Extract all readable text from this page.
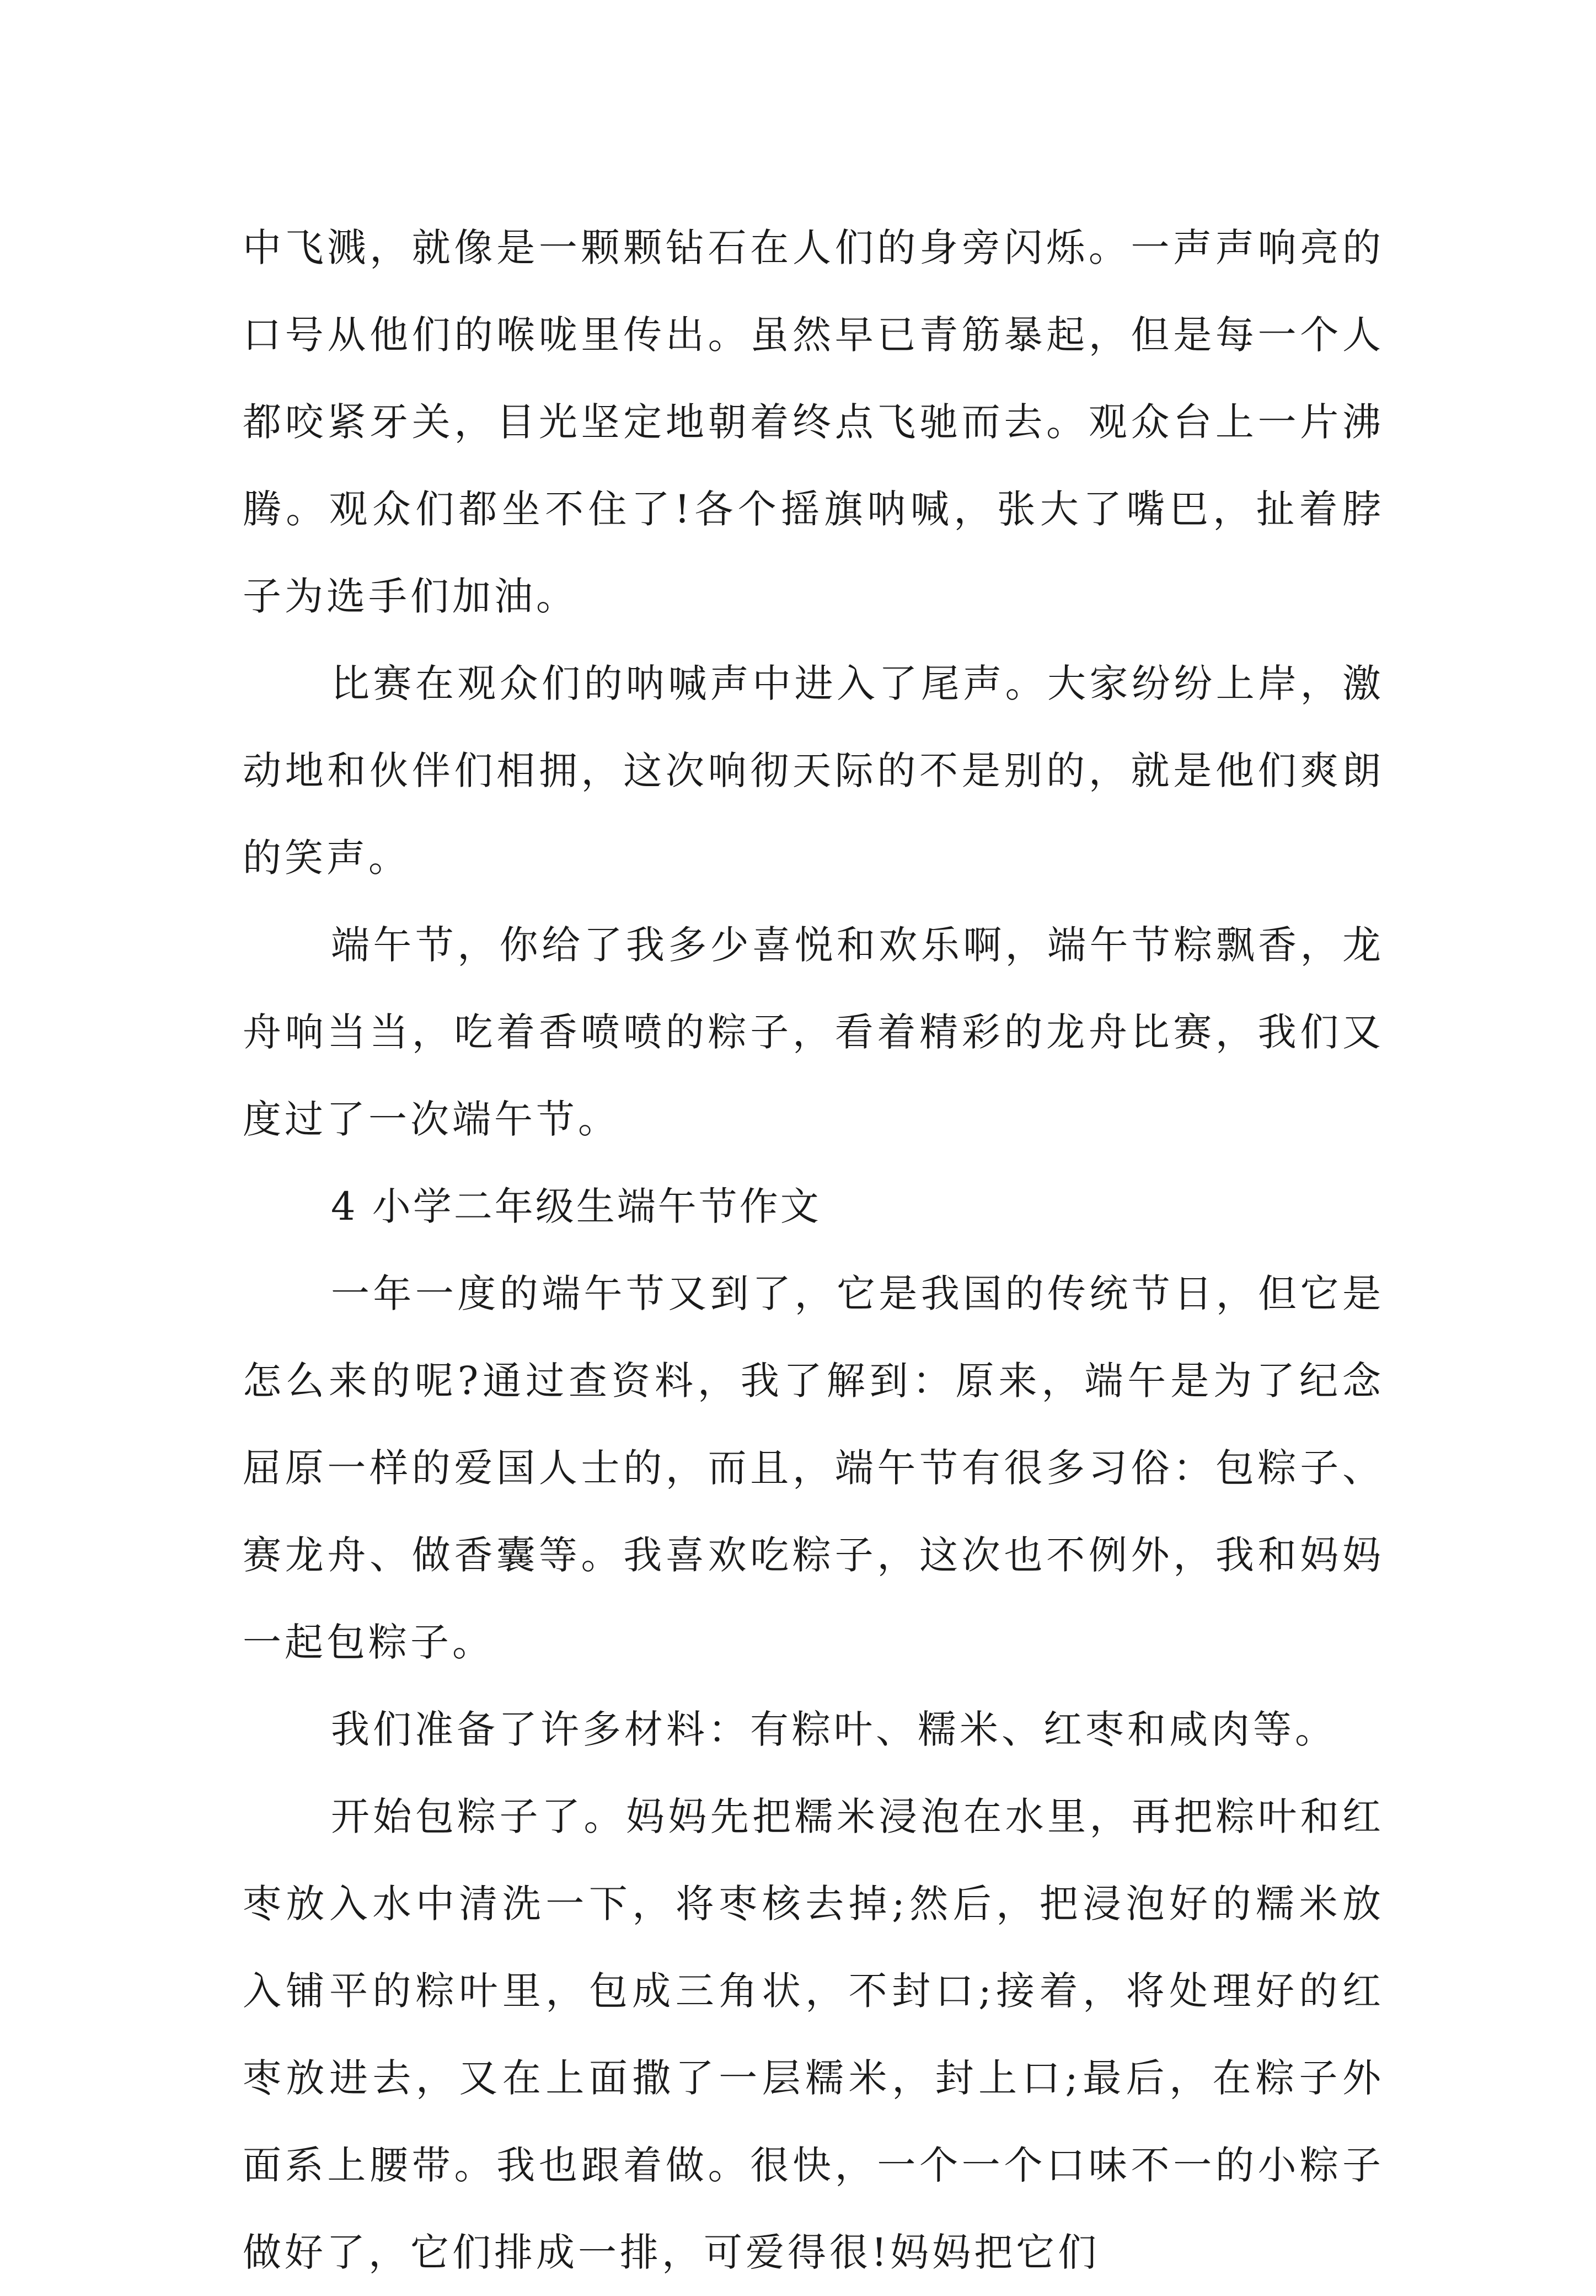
中飞溅，就像是一颗颗钻石在人们的身旁闪烁。一声声响亮的口号从他们的喉咙里传出。虽然早已青筋暴起，但是每一个人都咬紧牙关，目光坚定地朝着终点飞驰而去。观众台上一片沸腾。观众们都坐不住了!各个摇旗呐喊，张大了嘴巴，扯着脖子为选手们加油。

比赛在观众们的呐喊声中进入了尾声。大家纷纷上岸，激动地和伙伴们相拥，这次响彻天际的不是别的，就是他们爽朗的笑声。

端午节，你给了我多少喜悦和欢乐啊，端午节粽飘香，龙舟响当当，吃着香喷喷的粽子，看着精彩的龙舟比赛，我们又度过了一次端午节。

4 小学二年级生端午节作文

一年一度的端午节又到了，它是我国的传统节日，但它是怎么来的呢?通过查资料，我了解到：原来，端午是为了纪念屈原一样的爱国人士的，而且，端午节有很多习俗：包粽子、赛龙舟、做香囊等。我喜欢吃粽子，这次也不例外，我和妈妈一起包粽子。

我们准备了许多材料：有粽叶、糯米、红枣和咸肉等。

开始包粽子了。妈妈先把糯米浸泡在水里，再把粽叶和红枣放入水中清洗一下，将枣核去掉;然后，把浸泡好的糯米放入铺平的粽叶里，包成三角状，不封口;接着，将处理好的红枣放进去，又在上面撒了一层糯米，封上口;最后，在粽子外面系上腰带。我也跟着做。很快，一个一个口味不一的小粽子做好了，它们排成一排，可爱得很!妈妈把它们
